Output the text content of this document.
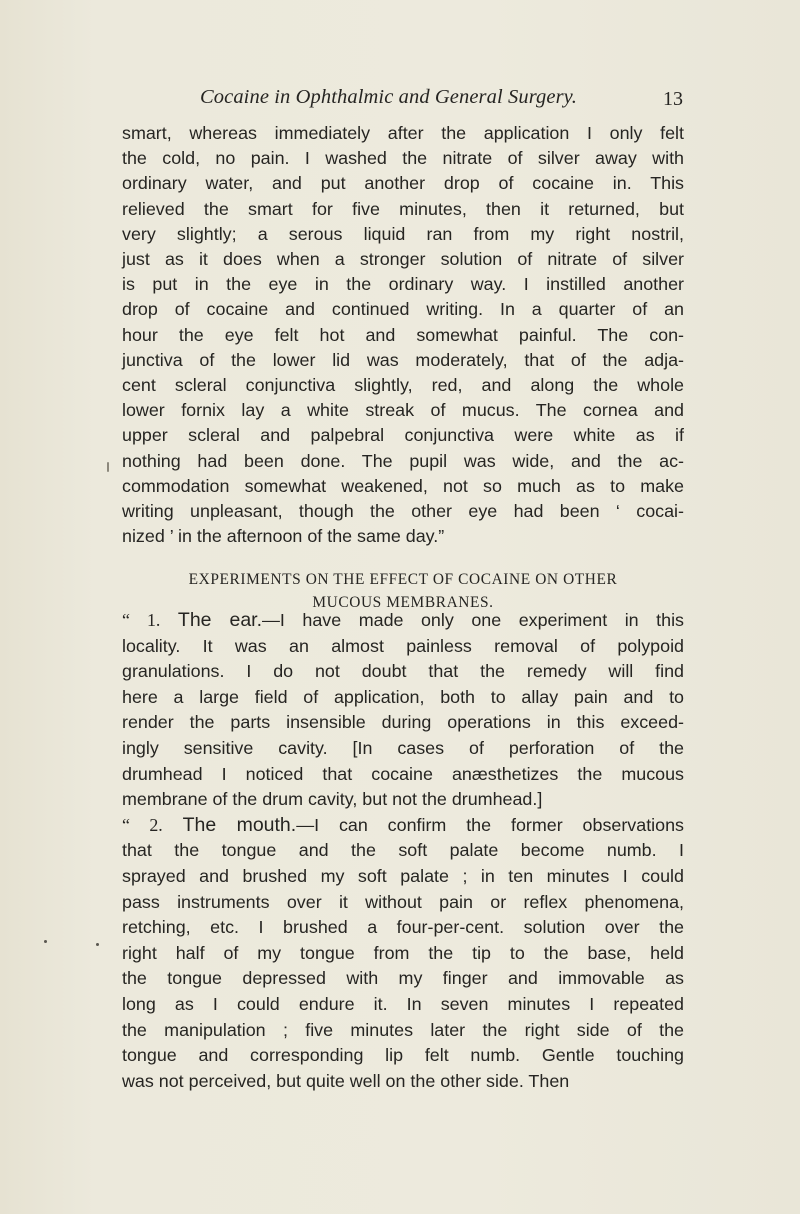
Cocaine in Ophthalmic and General Surgery.	13
smart, whereas immediately after the application I only felt
the cold, no pain. I washed the nitrate of silver away with
ordinary water, and put another drop of cocaine in. This
relieved the smart for five minutes, then it returned, but
very slightly; a serous liquid ran from my right nostril,
just as it does when a stronger solution of nitrate of silver
is put in the eye in the ordinary way. I instilled another
drop of cocaine and continued writing. In a quarter of an
hour the eye felt hot and somewhat painful. The con-
junctiva of the lower lid was moderately, that of the adja-
cent scleral conjunctiva slightly, red, and along the whole
lower fornix lay a white streak of mucus. The cornea and
upper scleral and palpebral conjunctiva were white as if
nothing had been done. The pupil was wide, and the ac-
commodation somewhat weakened, not so much as to make
writing unpleasant, though the other eye had been ‘ cocai-
nized ’ in the afternoon of the same day.”
EXPERIMENTS ON THE EFFECT OF COCAINE ON OTHER
MUCOUS MEMBRANES.
“ 1. The ear.—I have made only one experiment in this
locality. It was an almost painless removal of polypoid
granulations. I do not doubt that the remedy will find
here a large field of application, both to allay pain and to
render the parts insensible during operations in this exceed-
ingly sensitive cavity. [In cases of perforation of the
drumhead I noticed that cocaine anæsthetizes the mucous
membrane of the drum cavity, but not the drumhead.]
“ 2. The mouth.—I can confirm the former observations
that the tongue and the soft palate become numb. I
sprayed and brushed my soft palate ; in ten minutes I could
pass instruments over it without pain or reflex phenomena,
retching, etc. I brushed a four-per-cent. solution over the
right half of my tongue from the tip to the base, held
the tongue depressed with my finger and immovable as
long as I could endure it. In seven minutes I repeated
the manipulation ; five minutes later the right side of the
tongue and corresponding lip felt numb. Gentle touching
was not perceived, but quite well on the other side. Then
